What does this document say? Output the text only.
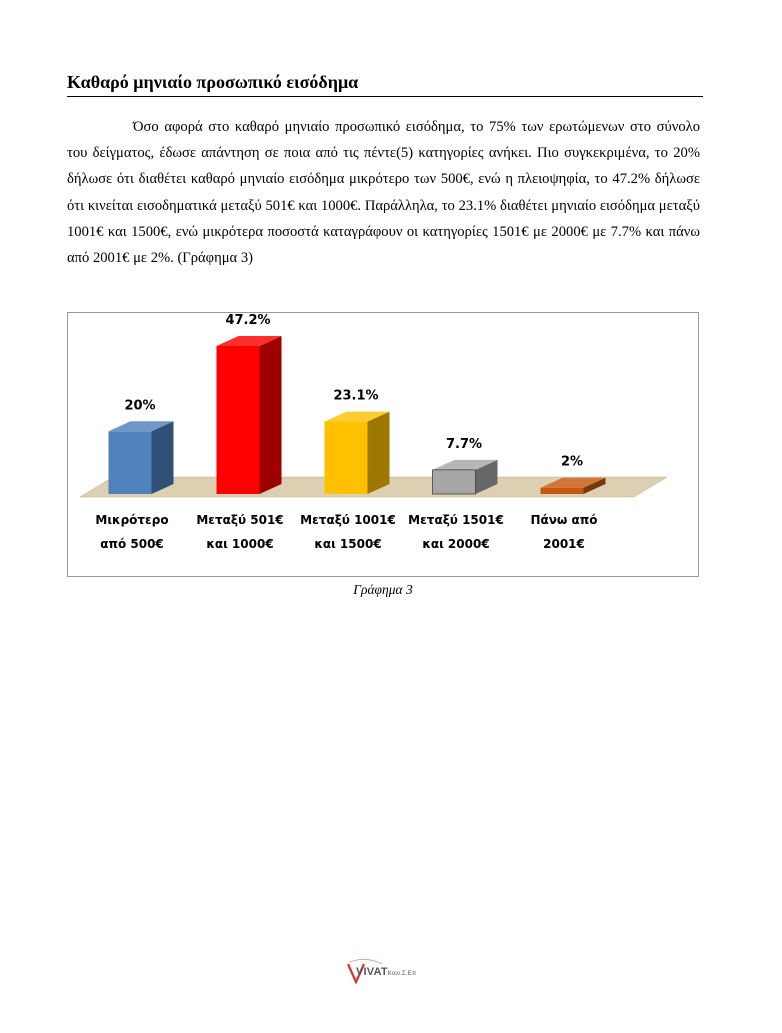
Καθαρό μηνιαίο προσωπικό εισόδημα

Όσο αφορά στο καθαρό μηνιαίο προσωπικό εισόδημα, το 75% των ερωτώμενων στο σύνολο του δείγματος, έδωσε απάντηση σε ποια από τις πέντε(5) κατηγορίες ανήκει. Πιο συγκεκριμένα, το 20% δήλωσε ότι διαθέτει καθαρό μηνιαίο εισόδημα μικρότερο των 500€, ενώ η πλειοψηφία, το 47.2% δήλωσε ότι κινείται εισοδηματικά μεταξύ 501€ και 1000€. Παράλληλα, το 23.1% διαθέτει μηνιαίο εισόδημα μεταξύ 1001€ και 1500€, ενώ μικρότερα ποσοστά καταγράφουν οι κατηγορίες 1501€ με 2000€ με 7.7% και πάνω από 2001€ με 2%. (Γράφημα 3)

20%
Μικρότερο
από 500€
47.2%
Μεταξύ 501€
και 1000€
23.1%
Μεταξύ 1001€
και 1500€
7.7%
Μεταξύ 1501€
και 2000€
2%
Πάνω από
2001€
Γράφημα 3
VIVATΚοιν.Σ.Επ
